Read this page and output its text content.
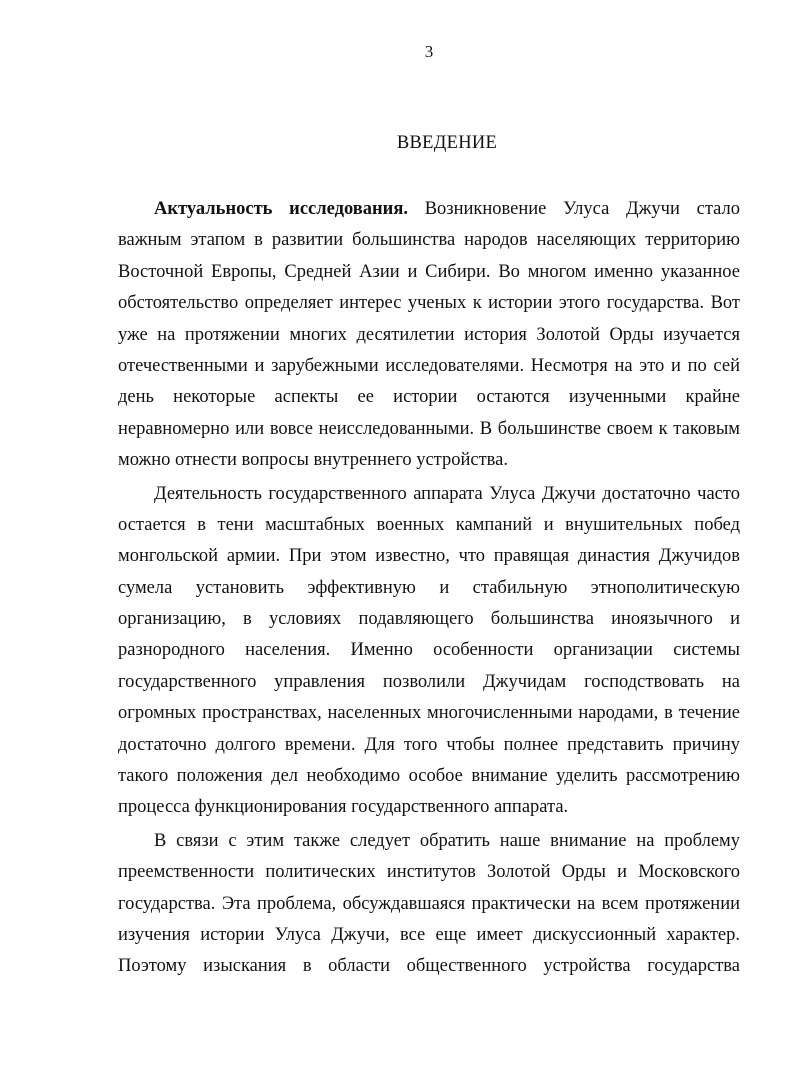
3
ВВЕДЕНИЕ
Актуальность исследования. Возникновение Улуса Джучи стало
важным этапом в развитии большинства народов населяющих территорию
Восточной Европы, Средней Азии и Сибири. Во многом именно указанное
обстоятельство определяет интерес ученых к истории этого государства. Вот
уже на протяжении многих десятилетии история Золотой Орды изучается
отечественными и зарубежными исследователями. Несмотря на это и по сей
день некоторые аспекты ее истории остаются изученными крайне
неравномерно или вовсе неисследованными. В большинстве своем к таковым
можно отнести вопросы внутреннего устройства.
Деятельность государственного аппарата Улуса Джучи достаточно часто
остается в тени масштабных военных кампаний и внушительных побед
монгольской армии. При этом известно, что правящая династия Джучидов
сумела установить эффективную и стабильную этнополитическую
организацию, в условиях подавляющего большинства иноязычного и
разнородного населения. Именно особенности организации системы
государственного управления позволили Джучидам господствовать на
огромных пространствах, населенных многочисленными народами, в течение
достаточно долгого времени. Для того чтобы полнее представить причину
такого положения дел необходимо особое внимание уделить рассмотрению
процесса функционирования государственного аппарата.
В связи с этим также следует обратить наше внимание на проблему
преемственности политических институтов Золотой Орды и Московского
государства. Эта проблема, обсуждавшаяся практически на всем протяжении
изучения истории Улуса Джучи, все еще имеет дискуссионный характер.
Поэтому изыскания в области общественного устройства государства
